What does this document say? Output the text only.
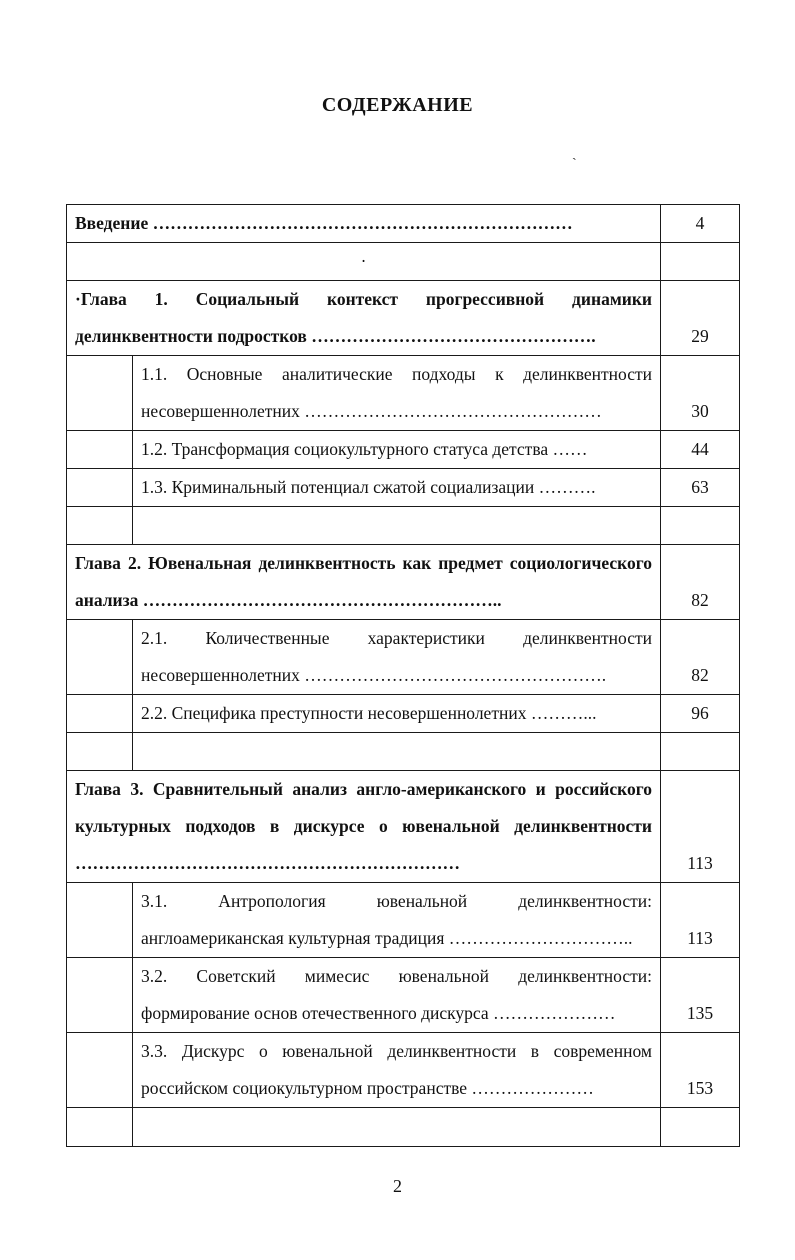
СОДЕРЖАНИЕ
ˎ
Введение ………………………………………………………………		4
·		
·Глава 1. Социальный контекст прогрессивной динамики делинквентности подростков ………………………………………….		29
	1.1. Основные аналитические подходы к делинквентности несовершеннолетних ……………………………………………	30
	1.2. Трансформация социокультурного статуса детства ……	44
	1.3. Криминальный потенциал сжатой социализации ……….	63

Глава 2. Ювенальная делинквентность как предмет социологического анализа ……………………………………………………..		82
	2.1. Количественные характеристики делинквентности несовершеннолетних …………………………………………….	82
	2.2. Специфика преступности несовершеннолетних ………...	96

Глава 3. Сравнительный анализ англо-американского и российского культурных подходов в дискурсе о ювенальной делинквентности …………………………………………………………		113
	3.1. Антропология ювенальной делинквентности: англоамериканская культурная традиция …………………………..	113
	3.2. Советский мимесис ювенальной делинквентности: формирование основ отечественного дискурса …………………	135
	3.3. Дискурс о ювенальной делинквентности в современном российском социокультурном пространстве …………………	153

2
